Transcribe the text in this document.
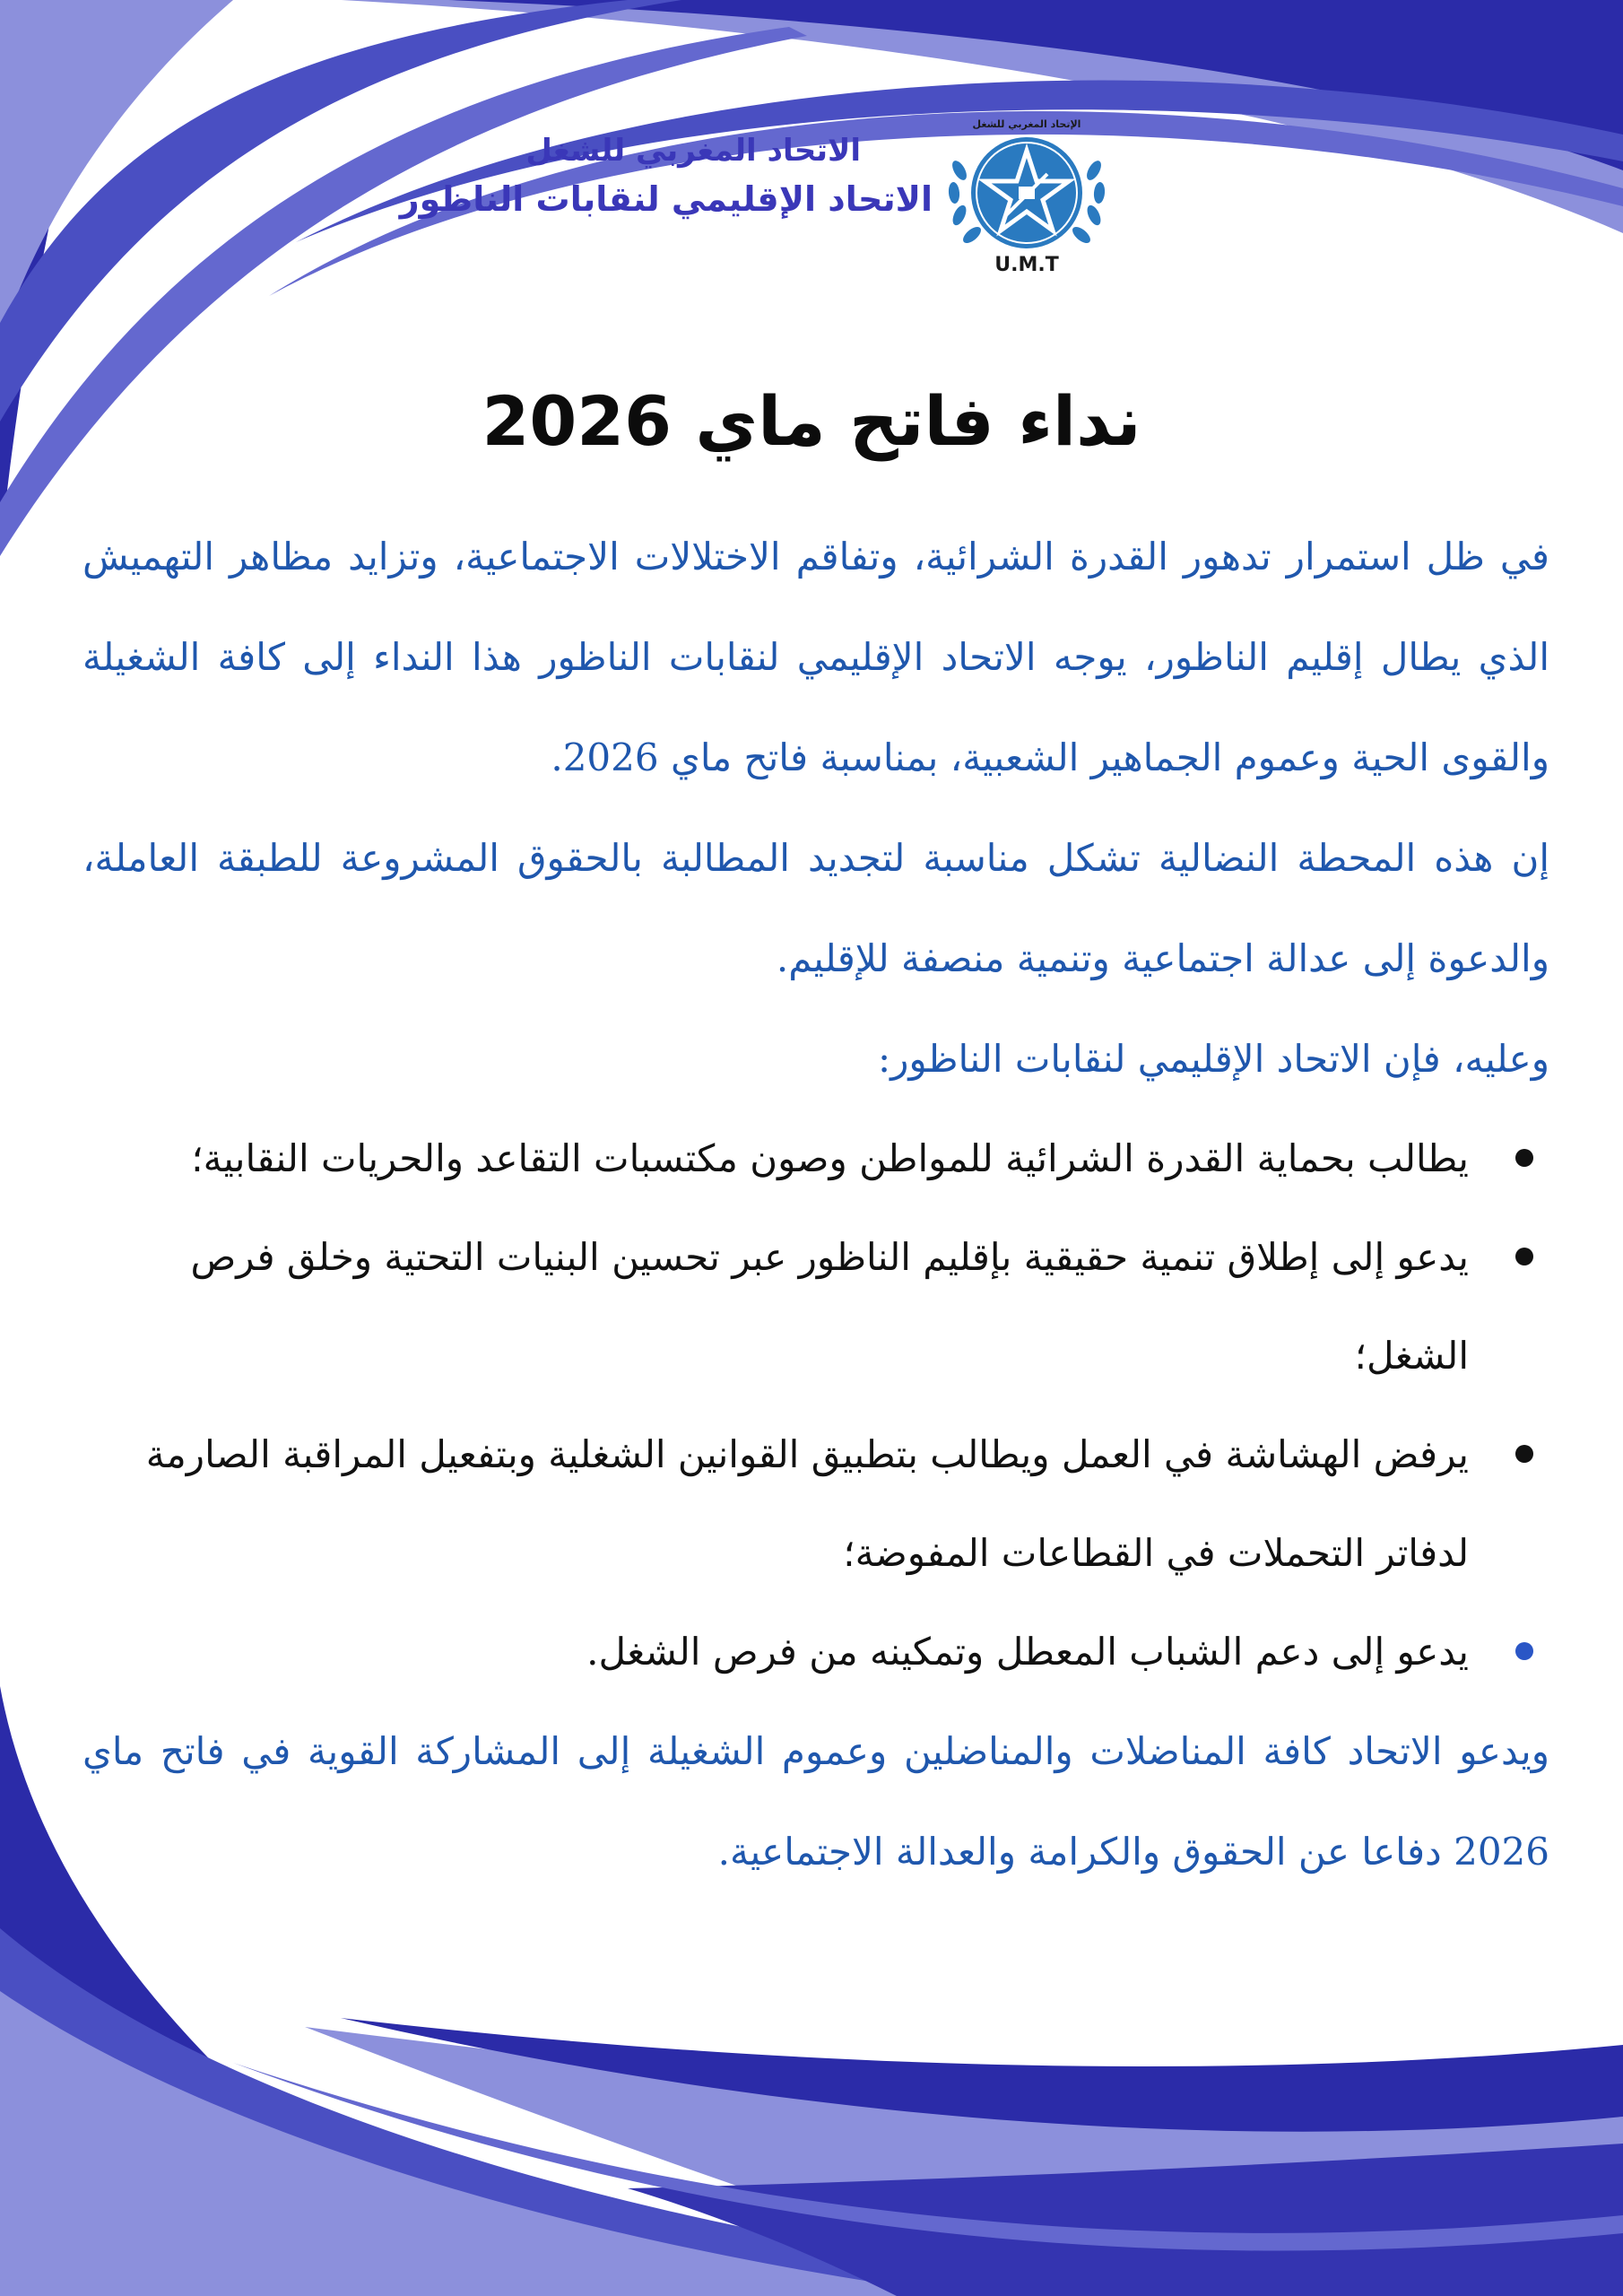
الاتحاد المغربي للشغل
الاتحاد الإقليمي لنقابات الناظور
الإتحاد المغربي للشغل
U.M.T
نداء فاتح ماي 2026

في ظل استمرار تدهور القدرة الشرائية، وتفاقم الاختلالات الاجتماعية، وتزايد مظاهر التهميش الذي يطال إقليم الناظور، يوجه الاتحاد الإقليمي لنقابات الناظور هذا النداء إلى كافة الشغيلة والقوى الحية وعموم الجماهير الشعبية، بمناسبة فاتح ماي 2026.

إن هذه المحطة النضالية تشكل مناسبة لتجديد المطالبة بالحقوق المشروعة للطبقة العاملة، والدعوة إلى عدالة اجتماعية وتنمية منصفة للإقليم.

وعليه، فإن الاتحاد الإقليمي لنقابات الناظور:

يطالب بحماية القدرة الشرائية للمواطن وصون مكتسبات التقاعد والحريات النقابية؛
يدعو إلى إطلاق تنمية حقيقية بإقليم الناظور عبر تحسين البنيات التحتية وخلق فرص الشغل؛
يرفض الهشاشة في العمل ويطالب بتطبيق القوانين الشغلية وبتفعيل المراقبة الصارمة لدفاتر التحملات في القطاعات المفوضة؛
يدعو إلى دعم الشباب المعطل وتمكينه من فرص الشغل.

ويدعو الاتحاد كافة المناضلات والمناضلين وعموم الشغيلة إلى المشاركة القوية في فاتح ماي 2026 دفاعا عن الحقوق والكرامة والعدالة الاجتماعية.
